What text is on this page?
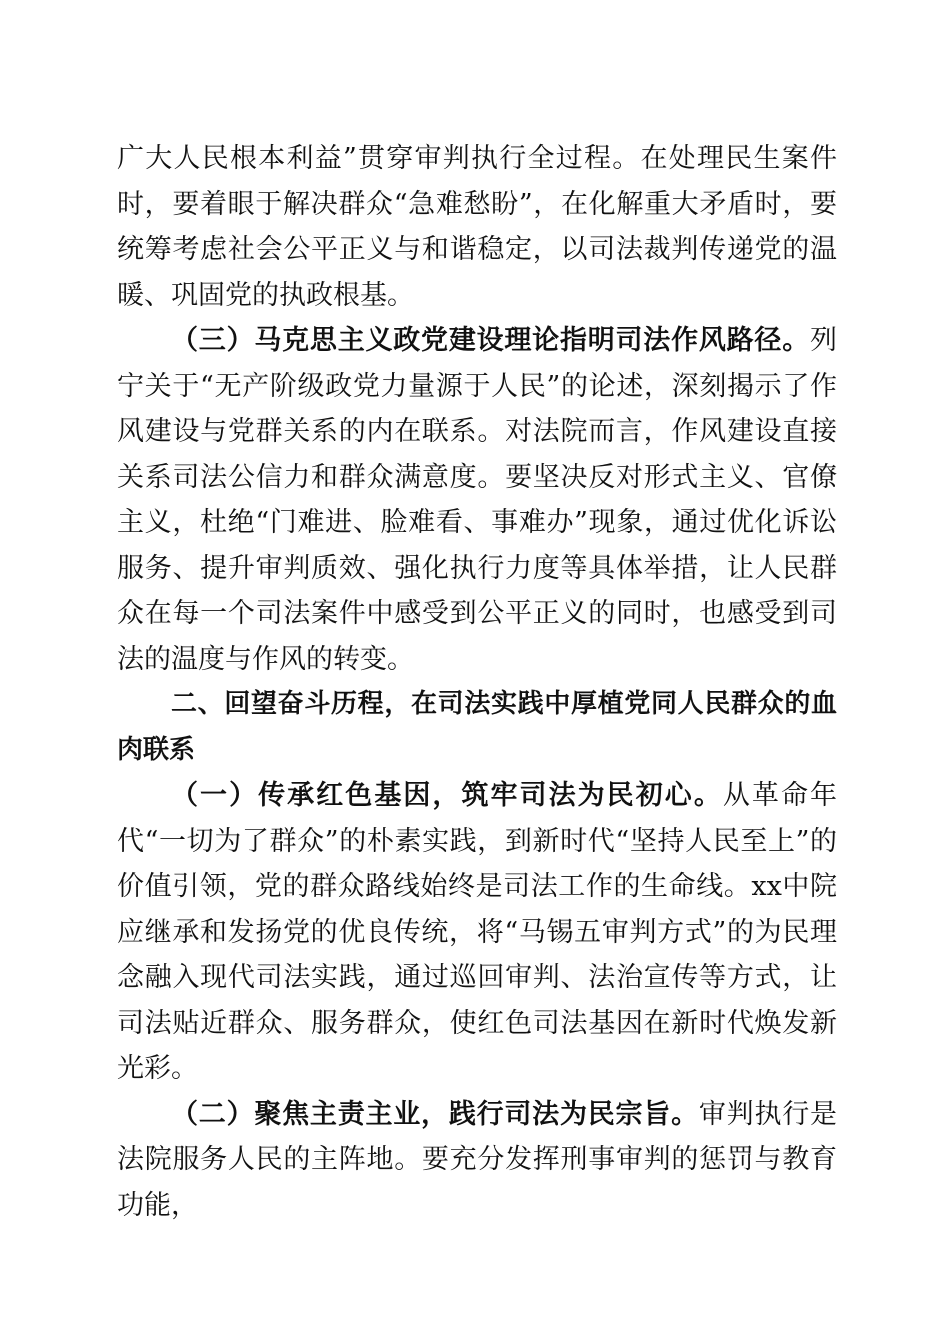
广大人民根本利益”贯穿审判执行全过程。在处理民生案件时，要着眼于解决群众“急难愁盼”，在化解重大矛盾时，要统筹考虑社会公平正义与和谐稳定，以司法裁判传递党的温暖、巩固党的执政根基。

（三）马克思主义政党建设理论指明司法作风路径。列宁关于“无产阶级政党力量源于人民”的论述，深刻揭示了作风建设与党群关系的内在联系。对法院而言，作风建设直接关系司法公信力和群众满意度。要坚决反对形式主义、官僚主义，杜绝“门难进、脸难看、事难办”现象，通过优化诉讼服务、提升审判质效、强化执行力度等具体举措，让人民群众在每一个司法案件中感受到公平正义的同时，也感受到司法的温度与作风的转变。

二、回望奋斗历程，在司法实践中厚植党同人民群众的血肉联系

（一）传承红色基因，筑牢司法为民初心。从革命年代“一切为了群众”的朴素实践，到新时代“坚持人民至上”的价值引领，党的群众路线始终是司法工作的生命线。xx中院应继承和发扬党的优良传统，将“马锡五审判方式”的为民理念融入现代司法实践，通过巡回审判、法治宣传等方式，让司法贴近群众、服务群众，使红色司法基因在新时代焕发新光彩。

（二）聚焦主责主业，践行司法为民宗旨。审判执行是法院服务人民的主阵地。要充分发挥刑事审判的惩罚与教育功能，
